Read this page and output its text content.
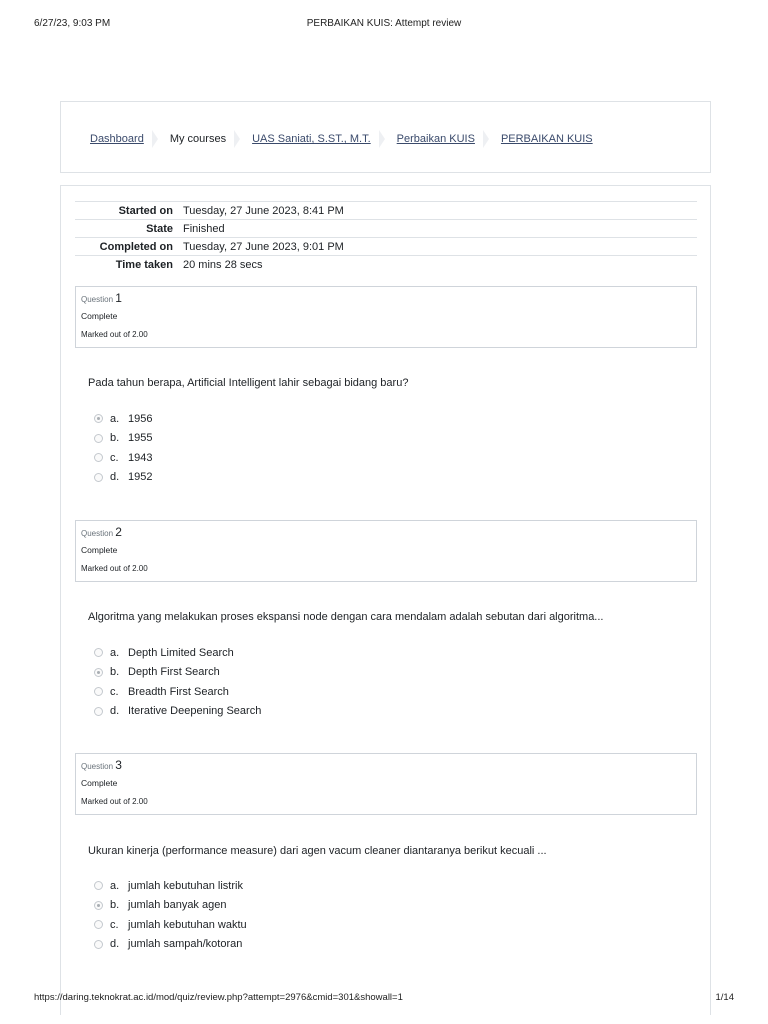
6/27/23, 9:03 PM	PERBAIKAN KUIS: Attempt review
Dashboard My courses UAS Saniati, S.ST., M.T. Perbaikan KUIS PERBAIKAN KUIS
Started on	Tuesday, 27 June 2023, 8:41 PM
State	Finished
Completed on	Tuesday, 27 June 2023, 9:01 PM
Time taken	20 mins 28 secs
Question 1
Complete
Marked out of 2.00
Pada tahun berapa, Artificial Intelligent lahir sebagai bidang baru?
a. 1956
b. 1955
c. 1943
d. 1952
Question 2
Complete
Marked out of 2.00
Algoritma yang melakukan proses ekspansi node dengan cara mendalam adalah sebutan dari algoritma...
a. Depth Limited Search
b. Depth First Search
c. Breadth First Search
d. Iterative Deepening Search
Question 3
Complete
Marked out of 2.00
Ukuran kinerja (performance measure) dari agen vacum cleaner diantaranya berikut kecuali ...
a. jumlah kebutuhan listrik
b. jumlah banyak agen
c. jumlah kebutuhan waktu
d. jumlah sampah/kotoran
https://daring.teknokrat.ac.id/mod/quiz/review.php?attempt=2976&cmid=301&showall=1	1/14
